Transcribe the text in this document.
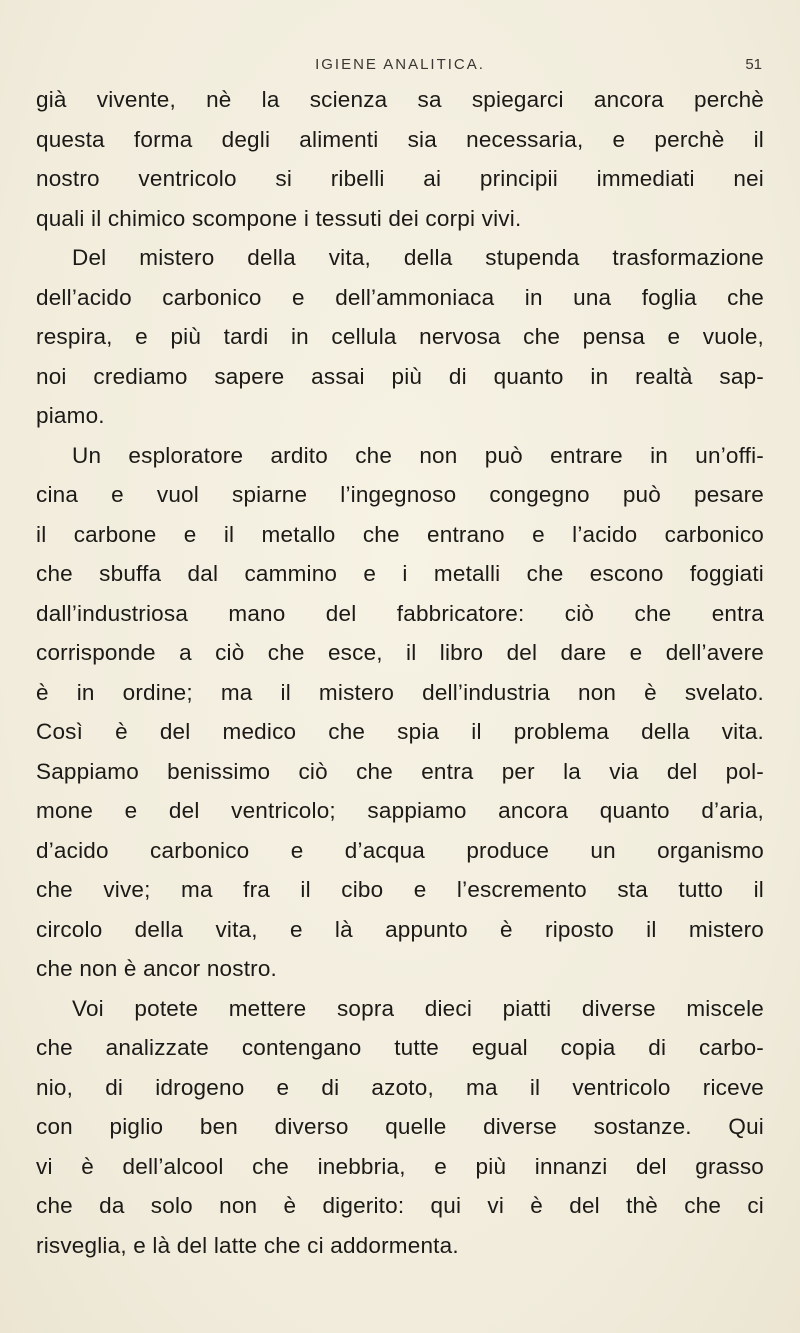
IGIENE ANALITICA.	51
già vivente, nè la scienza sa spiegarci ancora perchè
questa forma degli alimenti sia necessaria, e perchè il
nostro ventricolo si ribelli ai principii immediati nei
quali il chimico scompone i tessuti dei corpi vivi.
Del mistero della vita, della stupenda trasformazione
dell’acido carbonico e dell’ammoniaca in una foglia che
respira, e più tardi in cellula nervosa che pensa e vuole,
noi crediamo sapere assai più di quanto in realtà sap-
piamo.
Un esploratore ardito che non può entrare in un’offi-
cina e vuol spiarne l’ingegnoso congegno può pesare
il carbone e il metallo che entrano e l’acido carbonico
che sbuffa dal cammino e i metalli che escono foggiati
dall’industriosa mano del fabbricatore: ciò che entra
corrisponde a ciò che esce, il libro del dare e dell’avere
è in ordine; ma il mistero dell’industria non è svelato.
Così è del medico che spia il problema della vita.
Sappiamo benissimo ciò che entra per la via del pol-
mone e del ventricolo; sappiamo ancora quanto d’aria,
d’acido carbonico e d’acqua produce un organismo
che vive; ma fra il cibo e l’escremento sta tutto il
circolo della vita, e là appunto è riposto il mistero
che non è ancor nostro.
Voi potete mettere sopra dieci piatti diverse miscele
che analizzate contengano tutte egual copia di carbo-
nio, di idrogeno e di azoto, ma il ventricolo riceve
con piglio ben diverso quelle diverse sostanze. Qui
vi è dell’alcool che inebbria, e più innanzi del grasso
che da solo non è digerito: qui vi è del thè che ci
risveglia, e là del latte che ci addormenta.
